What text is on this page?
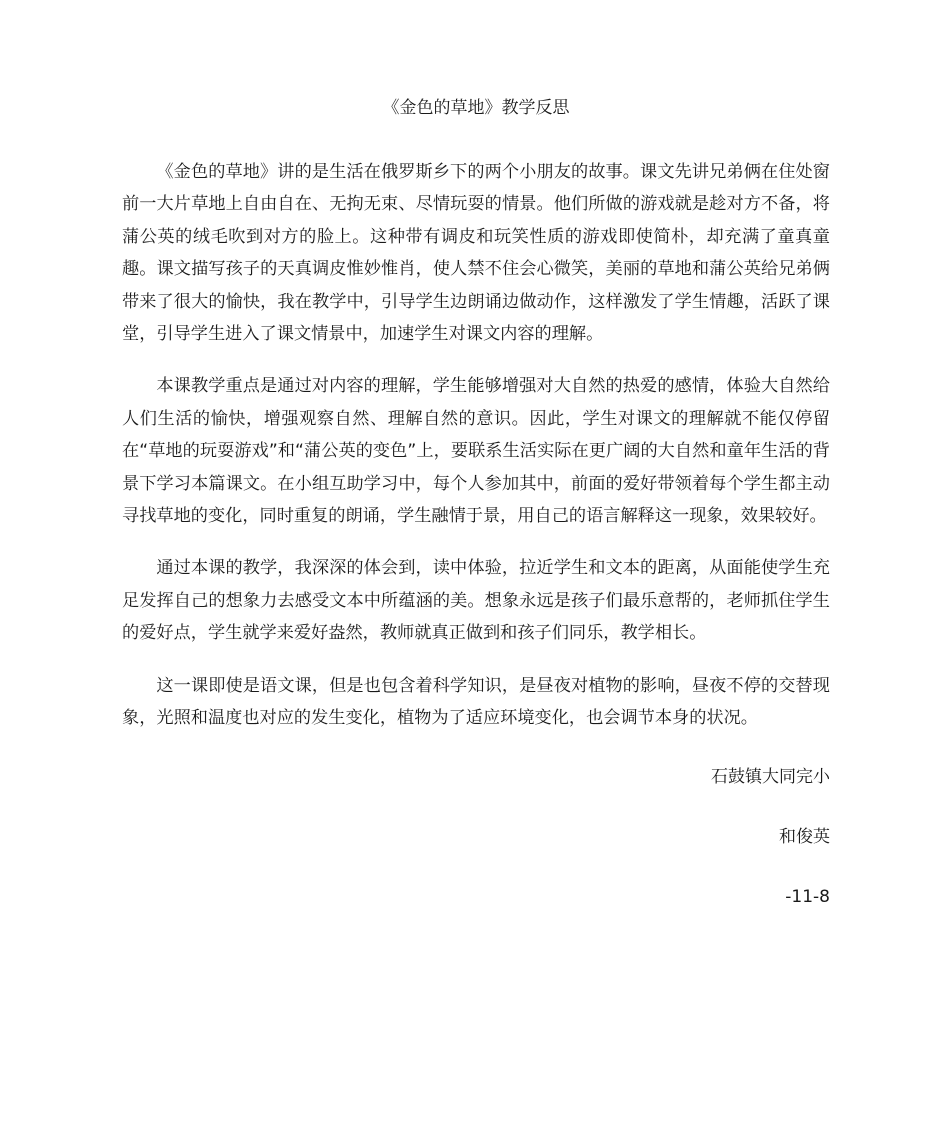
《金色的草地》教学反思

《金色的草地》讲的是生活在俄罗斯乡下的两个小朋友的故事。课文先讲兄弟俩在住处窗前一大片草地上自由自在、无拘无束、尽情玩耍的情景。他们所做的游戏就是趁对方不备，将蒲公英的绒毛吹到对方的脸上。这种带有调皮和玩笑性质的游戏即使简朴，却充满了童真童趣。课文描写孩子的天真调皮惟妙惟肖，使人禁不住会心微笑，美丽的草地和蒲公英给兄弟俩带来了很大的愉快，我在教学中，引导学生边朗诵边做动作，这样激发了学生情趣，活跃了课堂，引导学生进入了课文情景中，加速学生对课文内容的理解。

本课教学重点是通过对内容的理解，学生能够增强对大自然的热爱的感情，体验大自然给人们生活的愉快，增强观察自然、理解自然的意识。因此，学生对课文的理解就不能仅停留在“草地的玩耍游戏”和“蒲公英的变色”上，要联系生活实际在更广阔的大自然和童年生活的背景下学习本篇课文。在小组互助学习中，每个人参加其中，前面的爱好带领着每个学生都主动寻找草地的变化，同时重复的朗诵，学生融情于景，用自己的语言解释这一现象，效果较好。

通过本课的教学，我深深的体会到，读中体验，拉近学生和文本的距离，从面能使学生充足发挥自己的想象力去感受文本中所蕴涵的美。想象永远是孩子们最乐意帮的，老师抓住学生的爱好点，学生就学来爱好盎然，教师就真正做到和孩子们同乐，教学相长。

这一课即使是语文课，但是也包含着科学知识，是昼夜对植物的影响，昼夜不停的交替现象，光照和温度也对应的发生变化，植物为了适应环境变化，也会调节本身的状况。

石鼓镇大同完小

和俊英

-11-8
